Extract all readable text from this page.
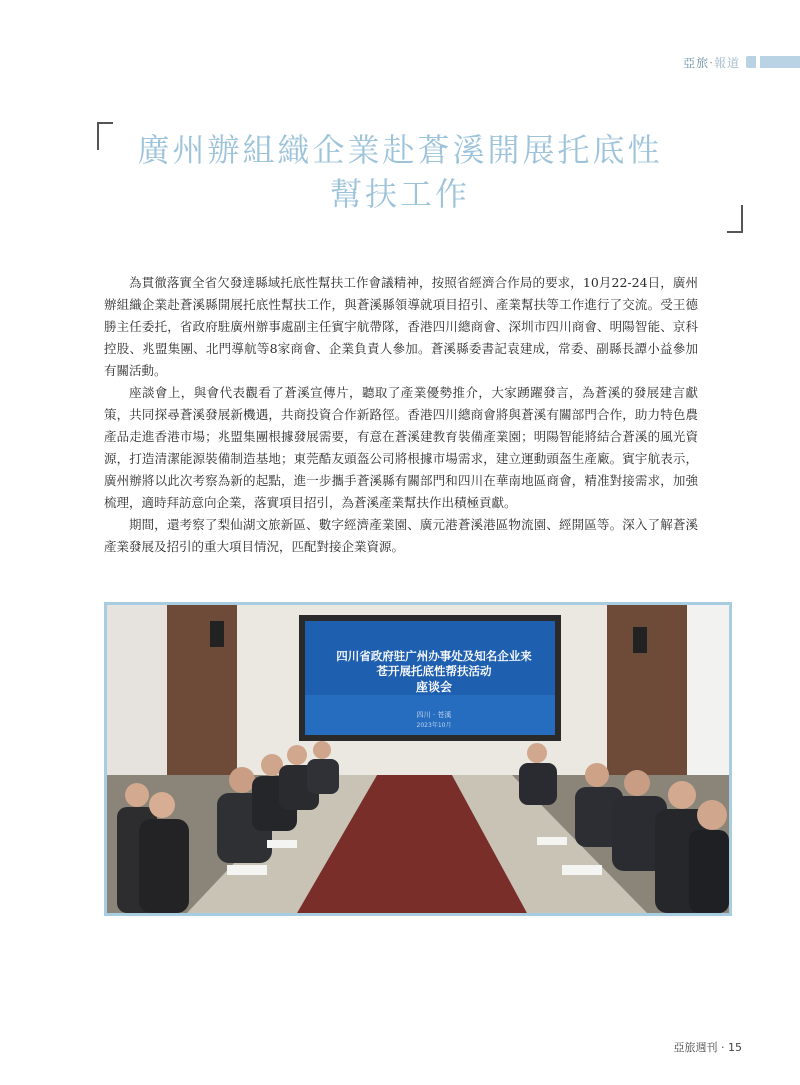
亞旅·報道
廣州辦組織企業赴蒼溪開展托底性
幫扶工作

為貫徹落實全省欠發達縣域托底性幫扶工作會議精神，按照省經濟合作局的要求，10月22-24日，廣州辦組織企業赴蒼溪縣開展托底性幫扶工作，與蒼溪縣領導就項目招引、產業幫扶等工作進行了交流。受王德勝主任委托，省政府駐廣州辦事處副主任賓宇航帶隊，香港四川總商會、深圳市四川商會、明陽智能、京科控股、兆盟集團、北門導航等8家商會、企業負責人參加。蒼溪縣委書記袁建成，常委、副縣長譚小益參加有關活動。

座談會上，與會代表觀看了蒼溪宣傳片，聽取了產業優勢推介，大家踴躍發言，為蒼溪的發展建言獻策，共同探尋蒼溪發展新機遇，共商投資合作新路徑。香港四川總商會將與蒼溪有關部門合作，助力特色農產品走進香港市場；兆盟集團根據發展需要，有意在蒼溪建教育裝備產業園；明陽智能將結合蒼溪的風光資源，打造清潔能源裝備制造基地；東莞酷友頭盔公司將根據市場需求，建立運動頭盔生產廠。賓宇航表示，廣州辦將以此次考察為新的起點，進一步攜手蒼溪縣有關部門和四川在華南地區商會，精准對接需求，加強梳理，適時拜訪意向企業，落實項目招引，為蒼溪產業幫扶作出積極貢獻。

期間，還考察了梨仙湖文旅新區、數字經濟產業園、廣元港蒼溪港區物流園、經開區等。深入了解蒼溪產業發展及招引的重大項目情況，匹配對接企業資源。

四川省政府驻广州办事处及知名企业来
苍开展托底性帮扶活动
座谈会
四川 · 苍溪
2023年10月
亞旅週刊 · 15
